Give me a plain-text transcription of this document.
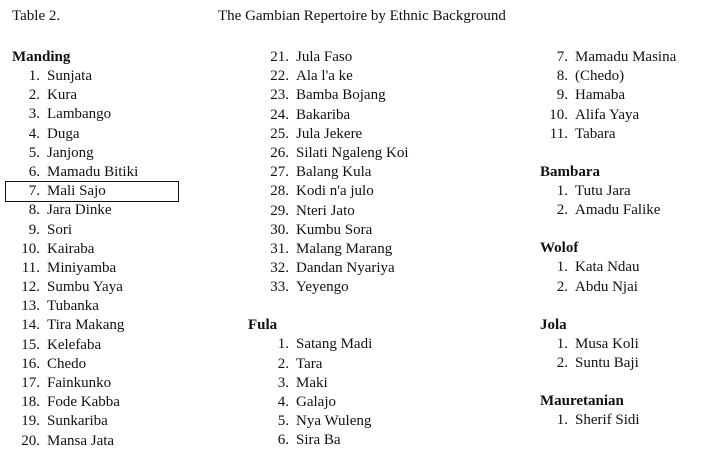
Table 2.	The Gambian Repertoire by Ethnic Background
Manding
1. Sunjata
2. Kura
3. Lambango
4. Duga
5. Janjong
6. Mamadu Bitiki
7. Mali Sajo
8. Jara Dinke
9. Sori
10. Kairaba
11. Miniyamba
12. Sumbu Yaya
13. Tubanka
14. Tira Makang
15. Kelefaba
16. Chedo
17. Fainkunko
18. Fode Kabba
19. Sunkariba
20. Mansa Jata
21. Jula Faso
22. Ala l'a ke
23. Bamba Bojang
24. Bakariba
25. Jula Jekere
26. Silati Ngaleng Koi
27. Balang Kula
28. Kodi n'a julo
29. Nteri Jato
30. Kumbu Sora
31. Malang Marang
32. Dandan Nyariya
33. Yeyengo
Fula
1. Satang Madi
2. Tara
3. Maki
4. Galajo
5. Nya Wuleng
6. Sira Ba
7. Mamadu Masina
8. (Chedo)
9. Hamaba
10. Alifa Yaya
11. Tabara
Bambara
1. Tutu Jara
2. Amadu Falike
Wolof
1. Kata Ndau
2. Abdu Njai
Jola
1. Musa Koli
2. Suntu Baji
Mauretanian
1. Sherif Sidi
